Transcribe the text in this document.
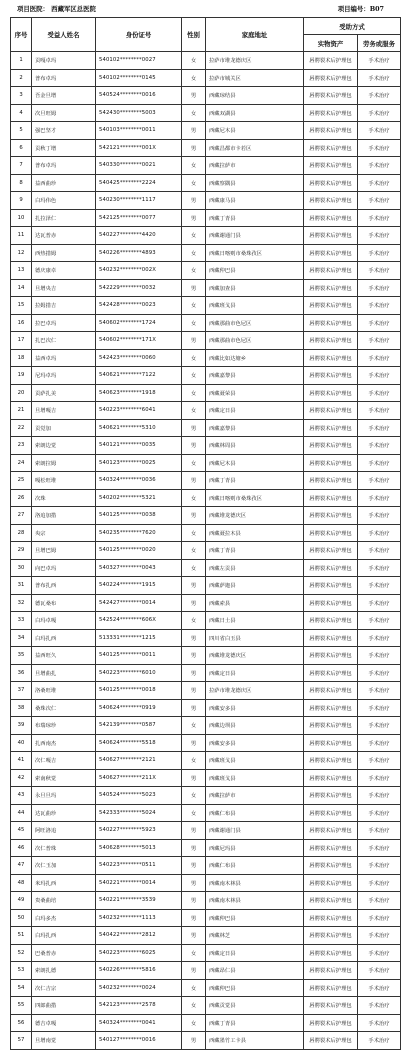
项目医院： 西藏军区总医院	项目编号：B07
序号	受益人姓名	身份证号	性别	家庭地址	受助方式	
					实物资产	劳务或服务
1	贡嘎卓玛	540102********0027	女	拉萨市堆龙德庆区	唇腭裂术后护理包	手术治疗
2	普布卓玛	540102********0145	女	拉萨市城关区	唇腭裂术后护理包	手术治疗
3	吾金旦增	540524********0016	男	西藏琼结县	唇腭裂术后护理包	手术治疗
4	次旦旺姆	542430********5003	女	西藏双湖县	唇腭裂术后护理包	手术治疗
5	强巴坚才	540103********0011	男	西藏尼木县	唇腭裂术后护理包	手术治疗
6	贡秋丁增	542121********001X	男	西藏昌都市卡若区	唇腭裂术后护理包	手术治疗
7	普布卓玛	540330********0021	女	西藏拉萨市	唇腭裂术后护理包	手术治疗
8	益西曲珍	540425********2224	女	西藏察隅县	唇腭裂术后护理包	手术治疗
9	白玛伟色	540230********1117	男	西藏康马县	唇腭裂术后护理包	手术治疗
10	扎拉泽仁	542125********0077	男	西藏丁青县	唇腭裂术后护理包	手术治疗
11	达瓦普赤	540227********4420	女	西藏谢通门县	唇腭裂术后护理包	手术治疗
12	西热措姆	540226********4893	女	西藏日喀则市桑珠孜区	唇腭裂术后护理包	手术治疗
13	德庆康卓	540232********002X	女	西藏仲巴县	唇腭裂术后护理包	手术治疗
14	旦增央吉	542229********0032	男	西藏加查县	唇腭裂术后护理包	手术治疗
15	拉姆措吉	542428********0023	女	西藏班戈县	唇腭裂术后护理包	手术治疗
16	拉巴卓玛	540602********1724	女	西藏那曲市色尼区	唇腭裂术后护理包	手术治疗
17	扎巴次仁	540602********171X	男	西藏那曲市色尼区	唇腭裂术后护理包	手术治疗
18	益西卓玛	542423********0060	女	西藏比如达塘乡	唇腭裂术后护理包	手术治疗
19	尼玛卓玛	540621********7122	女	西藏嘉黎县	唇腭裂术后护理包	手术治疗
20	贡萨扎美	540623********1918	女	西藏聂荣县	唇腭裂术后护理包	手术治疗
21	旦增嘎吉	540223********6041	女	西藏定日县	唇腭裂术后护理包	手术治疗
22	贡觉加	540621********5310	男	西藏嘉黎县	唇腭裂术后护理包	手术治疗
23	索朗边觉	540121********0035	男	西藏林周县	唇腭裂术后护理包	手术治疗
24	索朗拉姆	540123********0025	女	西藏尼木县	唇腭裂术后护理包	手术治疗
25	嘎松旺堆	540324********0036	男	西藏丁青县	唇腭裂术后护理包	手术治疗
26	次珠	540202********5321	女	西藏日喀则市桑珠孜区	唇腭裂术后护理包	手术治疗
27	洛追加措	540125********0038	男	西藏堆龙德庆区	唇腭裂术后护理包	手术治疗
28	央宗	540235********7620	女	西藏聂拉木县	唇腭裂术后护理包	手术治疗
29	旦增巴姆	540125********0020	女	西藏丁青县	唇腭裂术后护理包	手术治疗
30	向巴卓玛	540327********0043	女	西藏左贡县	唇腭裂术后护理包	手术治疗
31	普布扎西	540224********1915	男	西藏萨迦县	唇腭裂术后护理包	手术治疗
32	德瓦桑布	542427********0014	男	西藏索县	唇腭裂术后护理包	手术治疗
33	白玛卓嘎	542524********606X	女	西藏日土县	唇腭裂术后护理包	手术治疗
34	白玛扎西	513331********1215	男	四川省白玉县	唇腭裂术后护理包	手术治疗
35	益西旺久	540125********0011	男	西藏堆龙德庆区	唇腭裂术后护理包	手术治疗
36	旦增曲扎	540223********6010	男	西藏定日县	唇腭裂术后护理包	手术治疗
37	洛桑旺堆	540125********0018	男	拉萨市堆龙德庆区	唇腭裂术后护理包	手术治疗
38	桑珠次仁	540624********0919	男	西藏安多县	唇腭裂术后护理包	手术治疗
39	布瑞琼珍	542139********0587	女	西藏边坝县	唇腭裂术后护理包	手术治疗
40	扎西南杰	540624********5518	男	西藏安多县	唇腭裂术后护理包	手术治疗
41	次仁嘎吉	540627********2121	女	西藏班戈县	唇腭裂术后护理包	手术治疗
42	索南秋觉	540627********211X	男	西藏班戈县	唇腭裂术后护理包	手术治疗
43	永旦旦玛	540524********5023	女	西藏拉萨市	唇腭裂术后护理包	手术治疗
44	达瓦曲珍	542333********5024	女	西藏仁布县	唇腭裂术后护理包	手术治疗
45	阿旺洛追	540227********5923	男	西藏谢通门县	唇腭裂术后护理包	手术治疗
46	次仁普珠	540628********5013	男	西藏尼玛县	唇腭裂术后护理包	手术治疗
47	次仁玉加	540223********0511	男	西藏仁布县	唇腭裂术后护理包	手术治疗
48	米玛扎西	540221********0014	男	西藏南木林县	唇腭裂术后护理包	手术治疗
49	贵桑曲培	540221********3539	男	西藏南木林县	唇腭裂术后护理包	手术治疗
50	白玛多杰	540232********1113	男	西藏仲巴县	唇腭裂术后护理包	手术治疗
51	白玛扎西	540422********2812	男	西藏林芝	唇腭裂术后护理包	手术治疗
52	巴桑普赤	540223********6025	女	西藏定日县	唇腭裂术后护理包	手术治疗
53	索朗扎德	540226********5816	男	西藏昂仁县	唇腭裂术后护理包	手术治疗
54	次仁吉宗	540232********0024	女	西藏仲巴县	唇腭裂术后护理包	手术治疗
55	四郎曲措	542123********2578	女	西藏贡觉县	唇腭裂术后护理包	手术治疗
56	德吉卓嘎	540324********0041	女	西藏丁青县	唇腭裂术后护理包	手术治疗
57	旦增南觉	540127********0016	男	西藏墨竹工卡县	唇腭裂术后护理包	手术治疗
